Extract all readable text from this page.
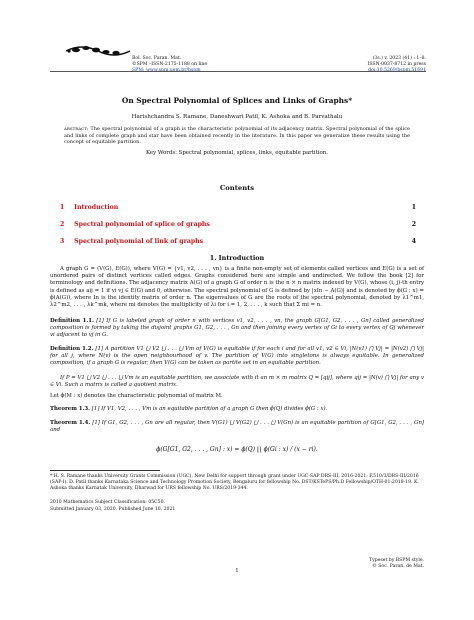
Bol. Soc. Paran. Mat.
©SPM –ISSN-2175-1188 on line
SPM: www.spm.uem.br/bspm
(3s.) v. 2023 (41) : 1–8.
ISSN-0037-8712 in press
doi:10.5269/bspm.51691
On Spectral Polynomial of Splices and Links of Graphs*
Harishchandra S. Ramane, Daneshwari Patil, K. Ashoka and B. Parvathalu
abstract: The spectral polynomial of a graph is the characteristic polynomial of its adjacency matrix. Spectral polynomial of the splice and links of complete graph and star have been obtained recently in the literature. In this paper we generalize these results using the concept of equitable partition.
Key Words: Spectral polynomial, splices, links, equitable partition.
Contents
1 Introduction	1
2 Spectral polynomial of splice of graphs	2
3 Spectral polynomial of link of graphs	4
1. Introduction
A graph G = (V(G), E(G)), where V(G) = {v1, v2, . . . , vn} is a finite non-empty set of elements called vertices and E(G) is a set of unordered pairs of distinct vertices called edges. Graphs considered here are simple and undirected. We follow the book [2] for terminology and definitions. The adjacency matrix A(G) of a graph G of order n is the n × n matrix indexed by V(G), whose (i, j)-th entry is defined as aij = 1 if vi vj ∈ E(G) and 0, otherwise. The spectral polynomial of G is defined by |xIn − A(G)| and is denoted by ϕ(G : x) = ϕ(A(G)), where In is the identity matrix of order n. The eigenvalues of G are the roots of the spectral polynomial, denoted by λ1^m1, λ2^m2, . . . , λk^mk, where mi denotes the multiplicity of λi for i = 1, 2, . . . , k such that Σ mi = n.
Definition 1.1. [1] If G is labeled graph of order n with vertices v1, v2, . . . , vn, the graph G[G1, G2, . . . , Gn] called generalized composition is formed by taking the disjoint graphs G1, G2, . . . , Gn and then joining every vertex of Gi to every vertex of Gj whenever vi adjacent to vj in G.
Definition 1.2. [1] A partition V1 ⋃ V2 ⋃ . . . ⋃ Vm of V(G) is equitable if for each i and for all v1, v2 ∈ Vi, |N(v1) ⋂ Vj| = |N(v2) ⋂ Vj| for all j, where N(v) is the open neighbourhood of v. The partition of V(G) into singletons is always equitable. In generalized composition, if a graph G is regular, then V(G) can be taken as partite set in an equitable partition.
If P = V1 ⋃ V2 ⋃ . . . ⋃ Vm is an equitable partition, we associate with it an m × m matrix Q = [qij], where qij = |N(v) ⋂ Vj| for any v ∈ Vi. Such a matrix is called a quotient matrix.
Let ϕ(M : x) denotes the characteristic polynomial of matrix M.
Theorem 1.3. [1] If V1, V2, . . . , Vm is an equitable partition of a graph G then ϕ(Q) divides ϕ(G : x).
Theorem 1.4. [1] If G1, G2, . . . , Gn are all regular, then V(G1) ⋃ V(G2) ⋃ . . . ⋃ V(Gn) is an equitable partition of G[G1, G2, . . . , Gn] and
ϕ(G[G1, G2, . . . , Gn] : x) = ϕ(Q) ∏ ϕ(Gi : x) / (x − ri).
* H. S. Ramane thanks University Grants Commission (UGC), New Delhi for support through grant under UGC-SAP DRS-III, 2016-2021: F.510/3/DRS-III/2016 (SAP-I). D. Patil thanks Karnataka Science and Technology Promotion Society, Bengaluru for fellowship No. DST/KSTePS/Ph.D Fellowship/OTH-01:2018-19. K. Ashoka thanks Karnatak University, Dharwad for URS fellowship No. URS/2019-344.
2010 Mathematics Subject Classification: 05C50.
Submitted January 03, 2020. Published June 10, 2021
1
Typeset by BSPM style.
© Soc. Paran. de Mat.
